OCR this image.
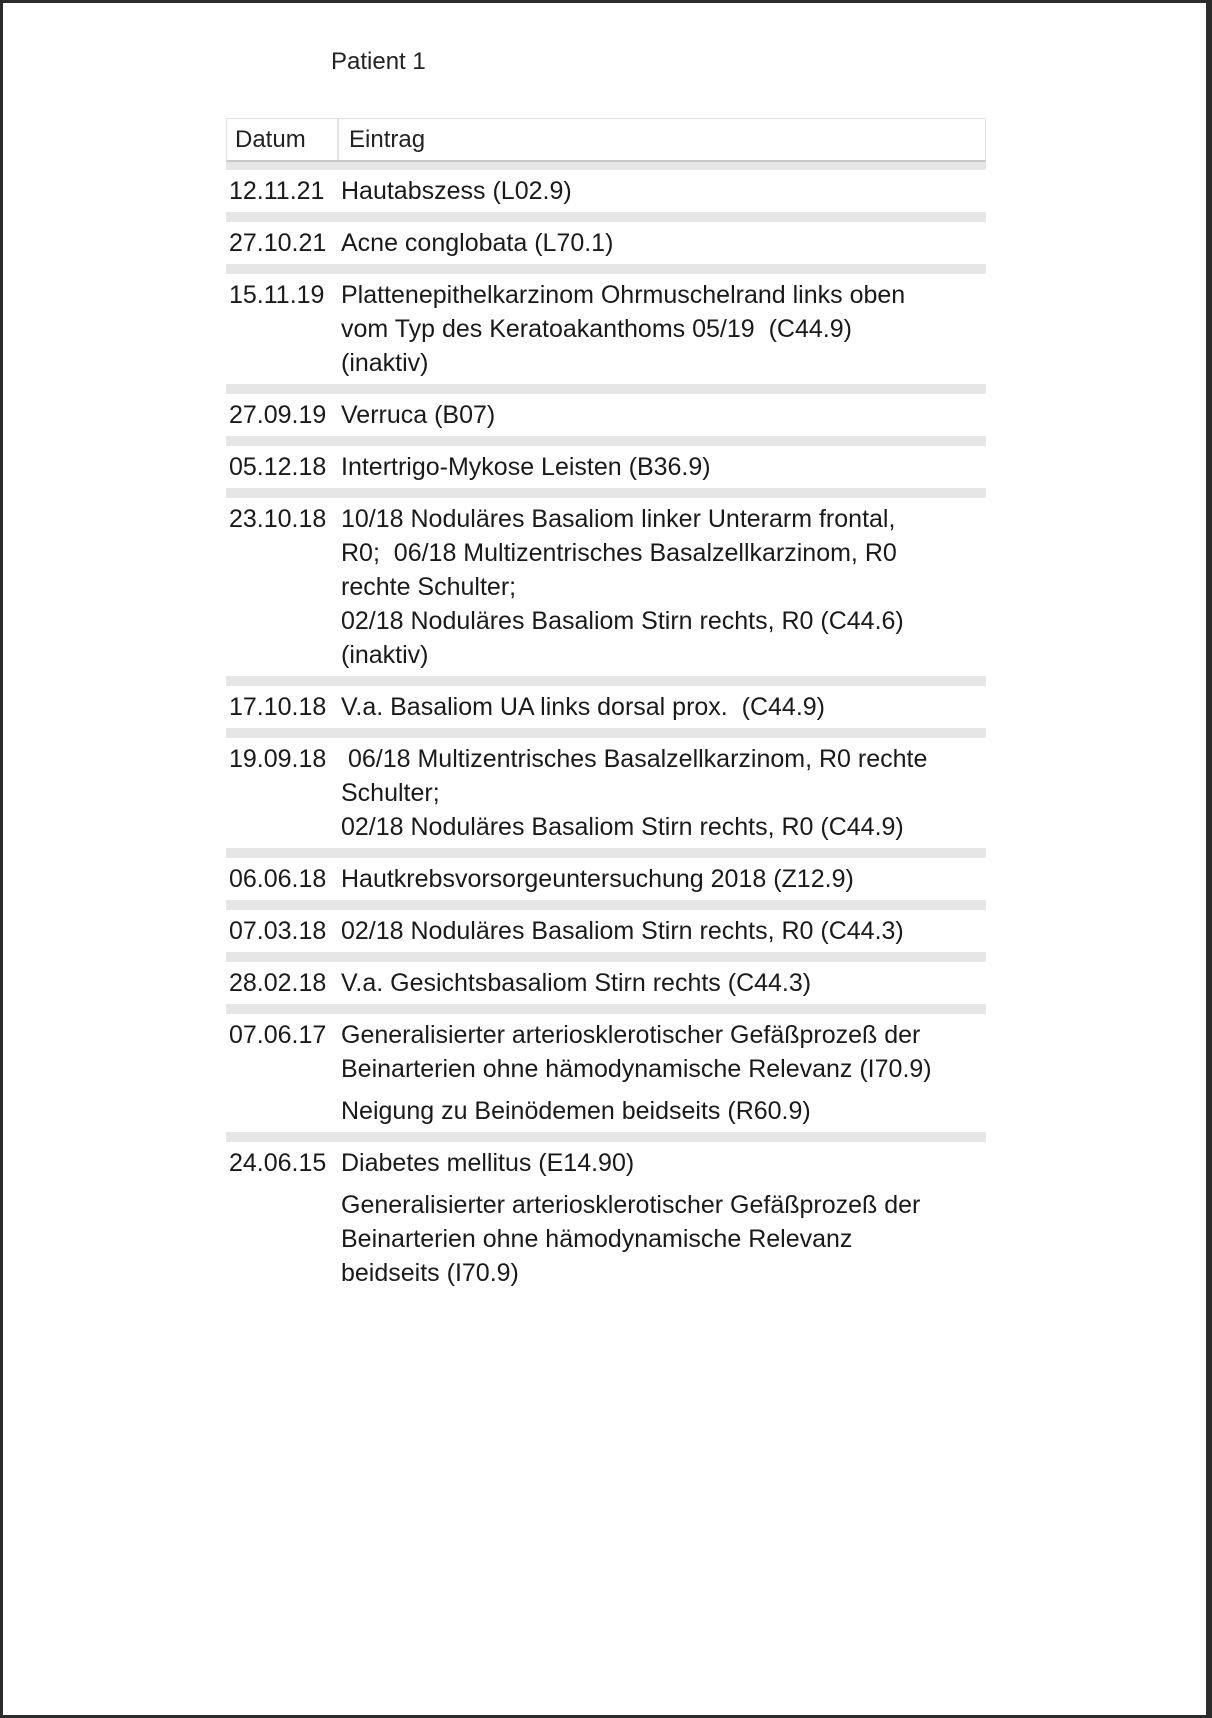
Patient 1
Datum	Eintrag
12.11.21 Hautabszess (L02.9)
27.10.21 Acne conglobata (L70.1)
15.11.19 Plattenepithelkarzinom Ohrmuschelrand links oben
vom Typ des Keratoakanthoms 05/19  (C44.9)
(inaktiv)
27.09.19 Verruca (B07)
05.12.18 Intertrigo-Mykose Leisten (B36.9)
23.10.18 10/18 Noduläres Basaliom linker Unterarm frontal,
R0;  06/18 Multizentrisches Basalzellkarzinom, R0
rechte Schulter;
02/18 Noduläres Basaliom Stirn rechts, R0 (C44.6)
(inaktiv)
17.10.18 V.a. Basaliom UA links dorsal prox.  (C44.9)
19.09.18 06/18 Multizentrisches Basalzellkarzinom, R0 rechte
Schulter;
02/18 Noduläres Basaliom Stirn rechts, R0 (C44.9)
06.06.18 Hautkrebsvorsorgeuntersuchung 2018 (Z12.9)
07.03.18 02/18 Noduläres Basaliom Stirn rechts, R0 (C44.3)
28.02.18 V.a. Gesichtsbasaliom Stirn rechts (C44.3)
07.06.17 Generalisierter arteriosklerotischer Gefäßprozeß der
Beinarterien ohne hämodynamische Relevanz (I70.9)
Neigung zu Beinödemen beidseits (R60.9)
24.06.15 Diabetes mellitus (E14.90)
Generalisierter arteriosklerotischer Gefäßprozeß der
Beinarterien ohne hämodynamische Relevanz
beidseits (I70.9)
